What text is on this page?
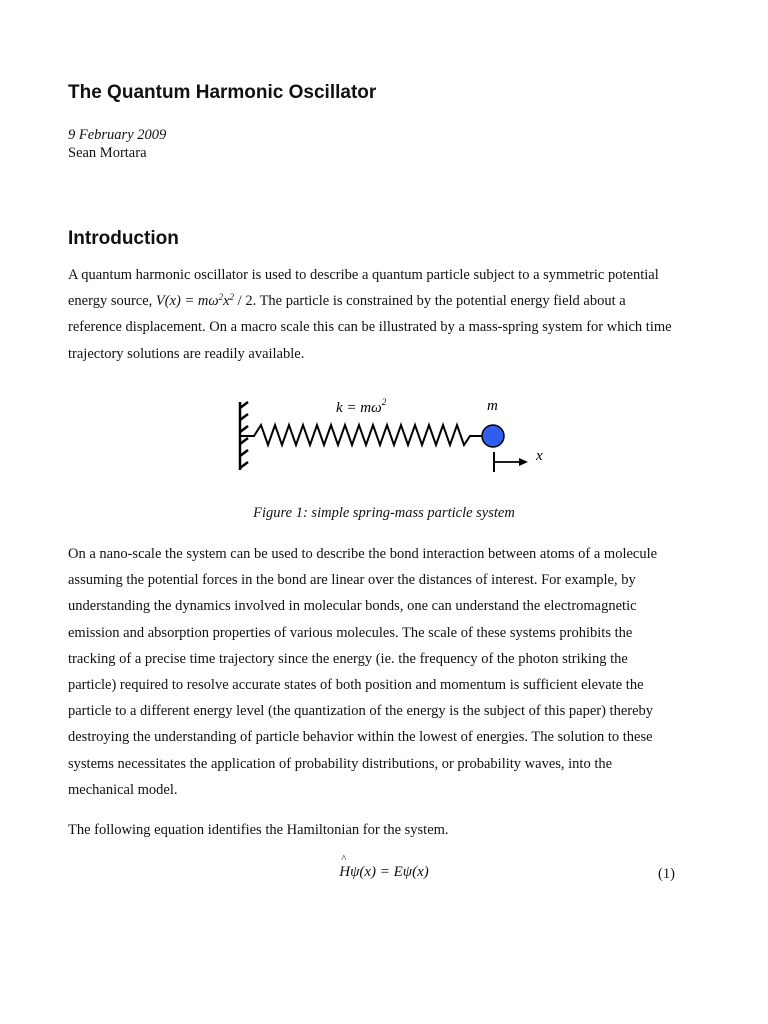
The Quantum Harmonic Oscillator
9 February 2009
Sean Mortara
Introduction
A quantum harmonic oscillator is used to describe a quantum particle subject to a symmetric potential
energy source, $V(x) = m\omega^2x^2 / 2$. The particle is constrained by the potential energy field about a
reference displacement. On a macro scale this can be illustrated by a mass-spring system for which time
trajectory solutions are readily available.
$k = m\omega^2$	m
x
Figure 1: simple spring-mass particle system
On a nano-scale the system can be used to describe the bond interaction between atoms of a molecule
assuming the potential forces in the bond are linear over the distances of interest. For example, by
understanding the dynamics involved in molecular bonds, one can understand the electromagnetic
emission and absorption properties of various molecules. The scale of these systems prohibits the
tracking of a precise time trajectory since the energy (ie. the frequency of the photon striking the
particle) required to resolve accurate states of both position and momentum is sufficient elevate the
particle to a different energy level (the quantization of the energy is the subject of this paper) thereby
destroying the understanding of particle behavior within the lowest of energies. The solution to these
systems necessitates the application of probability distributions, or probability waves, into the
mechanical model.
The following equation identifies the Hamiltonian for the system.
^ Hψ(x) = Eψ(x)	(1)
